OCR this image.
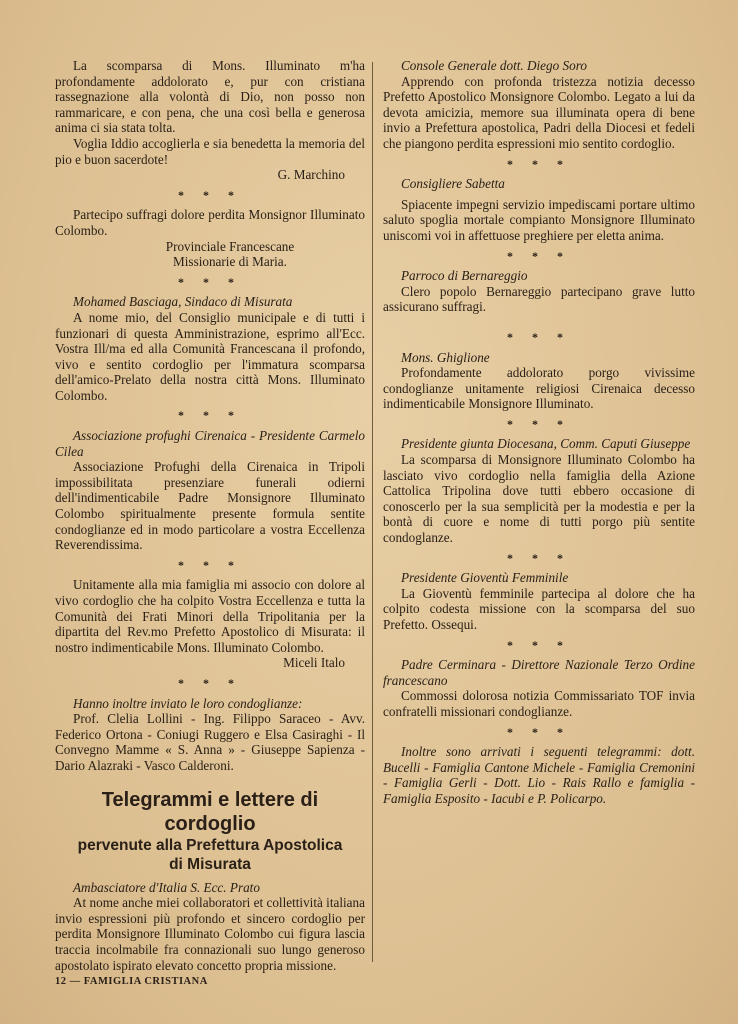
La scomparsa di Mons. Illuminato m'ha profondamente addolorato e, pur con cristiana rassegnazione alla volontà di Dio, non posso non rammaricare, e con pena, che una così bella e generosa anima ci sia stata tolta.

Voglia Iddio accoglierla e sia benedetta la memoria del pio e buon sacerdote!

G. Marchino

* * *

Partecipo suffragi dolore perdita Monsignor Illuminato Colombo.

Provinciale Francescane

Missionarie di Maria.

* * *

Mohamed Basciaga, Sindaco di Misurata

A nome mio, del Consiglio municipale e di tutti i funzionari di questa Amministrazione, esprimo all'Ecc. Vostra Ill/ma ed alla Comunità Francescana il profondo, vivo e sentito cordoglio per l'immatura scomparsa dell'amico-Prelato della nostra città Mons. Illuminato Colombo.

* * *

Associazione profughi Cirenaica - Presidente Carmelo Cilea

Associazione Profughi della Cirenaica in Tripoli impossibilitata presenziare funerali odierni dell'indimenticabile Padre Monsignore Illuminato Colombo spiritualmente presente formula sentite condoglianze ed in modo particolare a vostra Eccellenza Reverendissima.

* * *

Unitamente alla mia famiglia mi associo con dolore al vivo cordoglio che ha colpito Vostra Eccellenza e tutta la Comunità dei Frati Minori della Tripolitania per la dipartita del Rev.mo Prefetto Apostolico di Misurata: il nostro indimenticabile Mons. Illuminato Colombo.

Miceli Italo

* * *

Hanno inoltre inviato le loro condoglianze:

Prof. Clelia Lollini - Ing. Filippo Saraceo - Avv. Federico Ortona - Coniugi Ruggero e Elsa Casiraghi - Il Convegno Mamme « S. Anna » - Giuseppe Sapienza - Dario Alazraki - Vasco Calderoni.

Telegrammi e lettere di cordoglio
pervenute alla Prefettura Apostolica
di Misurata

Ambasciatore d'Italia S. Ecc. Prato

At nome anche miei collaboratori et collettività italiana invio espressioni più profondo et sincero cordoglio per perdita Monsignore Illuminato Colombo cui figura lascia traccia incolmabile fra connazionali suo lungo generoso apostolato ispirato elevato concetto propria missione.

Console Generale dott. Diego Soro

Apprendo con profonda tristezza notizia decesso Prefetto Apostolico Monsignore Colombo. Legato a lui da devota amicizia, memore sua illuminata opera di bene invio a Prefettura apostolica, Padri della Diocesi et fedeli che piangono perdita espressioni mio sentito cordoglio.

* * *

Consigliere Sabetta

Spiacente impegni servizio impediscami portare ultimo saluto spoglia mortale compianto Monsignore Illuminato uniscomi voi in affettuose preghiere per eletta anima.

* * *

Parroco di Bernareggio

Clero popolo Bernareggio partecipano grave lutto assicurano suffragi.

* * *

Mons. Ghiglione

Profondamente addolorato porgo vivissime condoglianze unitamente religiosi Cirenaica decesso indimenticabile Monsignore Illuminato.

* * *

Presidente giunta Diocesana, Comm. Caputi Giuseppe

La scomparsa di Monsignore Illuminato Colombo ha lasciato vivo cordoglio nella famiglia della Azione Cattolica Tripolina dove tutti ebbero occasione di conoscerlo per la sua semplicità per la modestia e per la bontà di cuore e nome di tutti porgo più sentite condoglanze.

* * *

Presidente Gioventù Femminile

La Gioventù femminile partecipa al dolore che ha colpito codesta missione con la scomparsa del suo Prefetto. Ossequi.

* * *

Padre Cerminara - Direttore Nazionale Terzo Ordine francescano

Commossi dolorosa notizia Commissariato TOF invia confratelli missionari condoglianze.

* * *

Inoltre sono arrivati i seguenti telegrammi: dott. Bucelli - Famiglia Cantone Michele - Famiglia Cremonini - Famiglia Gerli - Dott. Lio - Rais Rallo e famiglia - Famiglia Esposito - Iacubi e P. Policarpo.

12 — FAMIGLIA CRISTIANA
